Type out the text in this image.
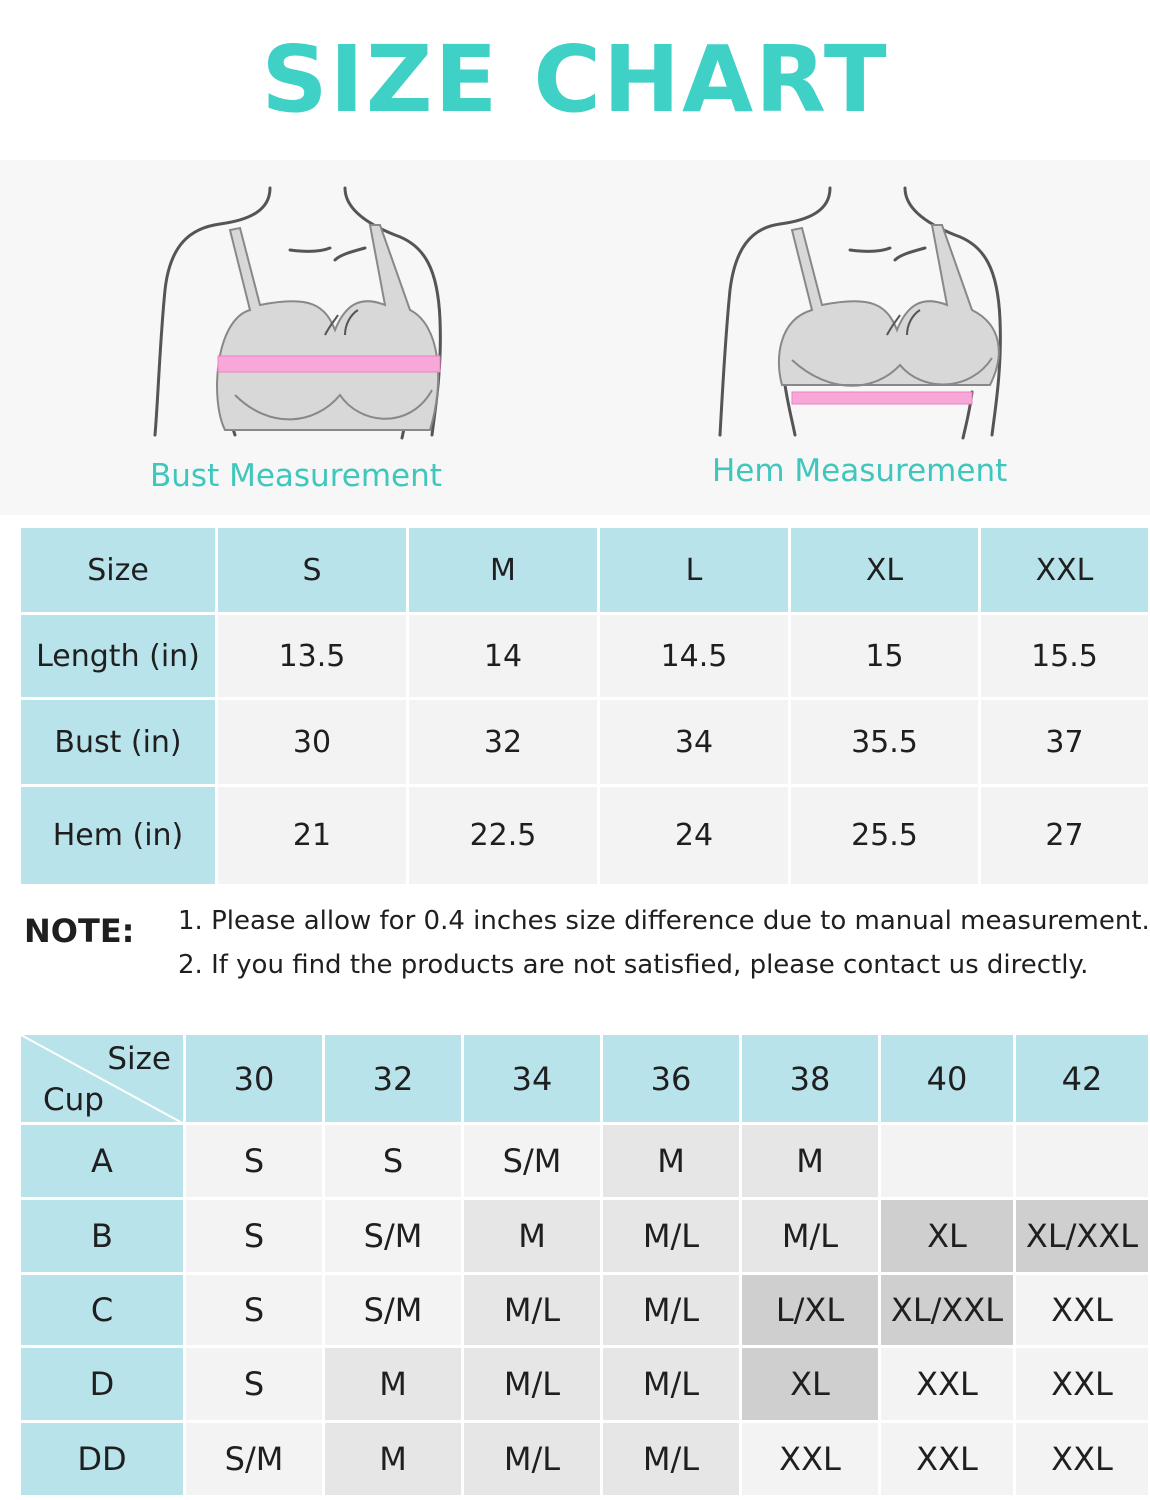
SIZE CHART
Bust Measurement	Hem Measurement
Size	S	M	L	XL	XXL
Length (in)	13.5	14	14.5	15	15.5
Bust (in)	30	32	34	35.5	37
Hem (in)	21	22.5	24	25.5	27
NOTE: 1. Please allow for 0.4 inches size difference due to manual measurement.
2. If you find the products are not satisfied, please contact us directly.
Size
Cup	30	32	34	36	38	40	42
A	S	S	S/M	M	M		
B	S	S/M	M	M/L	M/L	XL	XL/XXL
C	S	S/M	M/L	M/L	L/XL	XL/XXL	XXL
D	S	M	M/L	M/L	XL	XXL	XXL
DD	S/M	M	M/L	M/L	XXL	XXL	XXL
